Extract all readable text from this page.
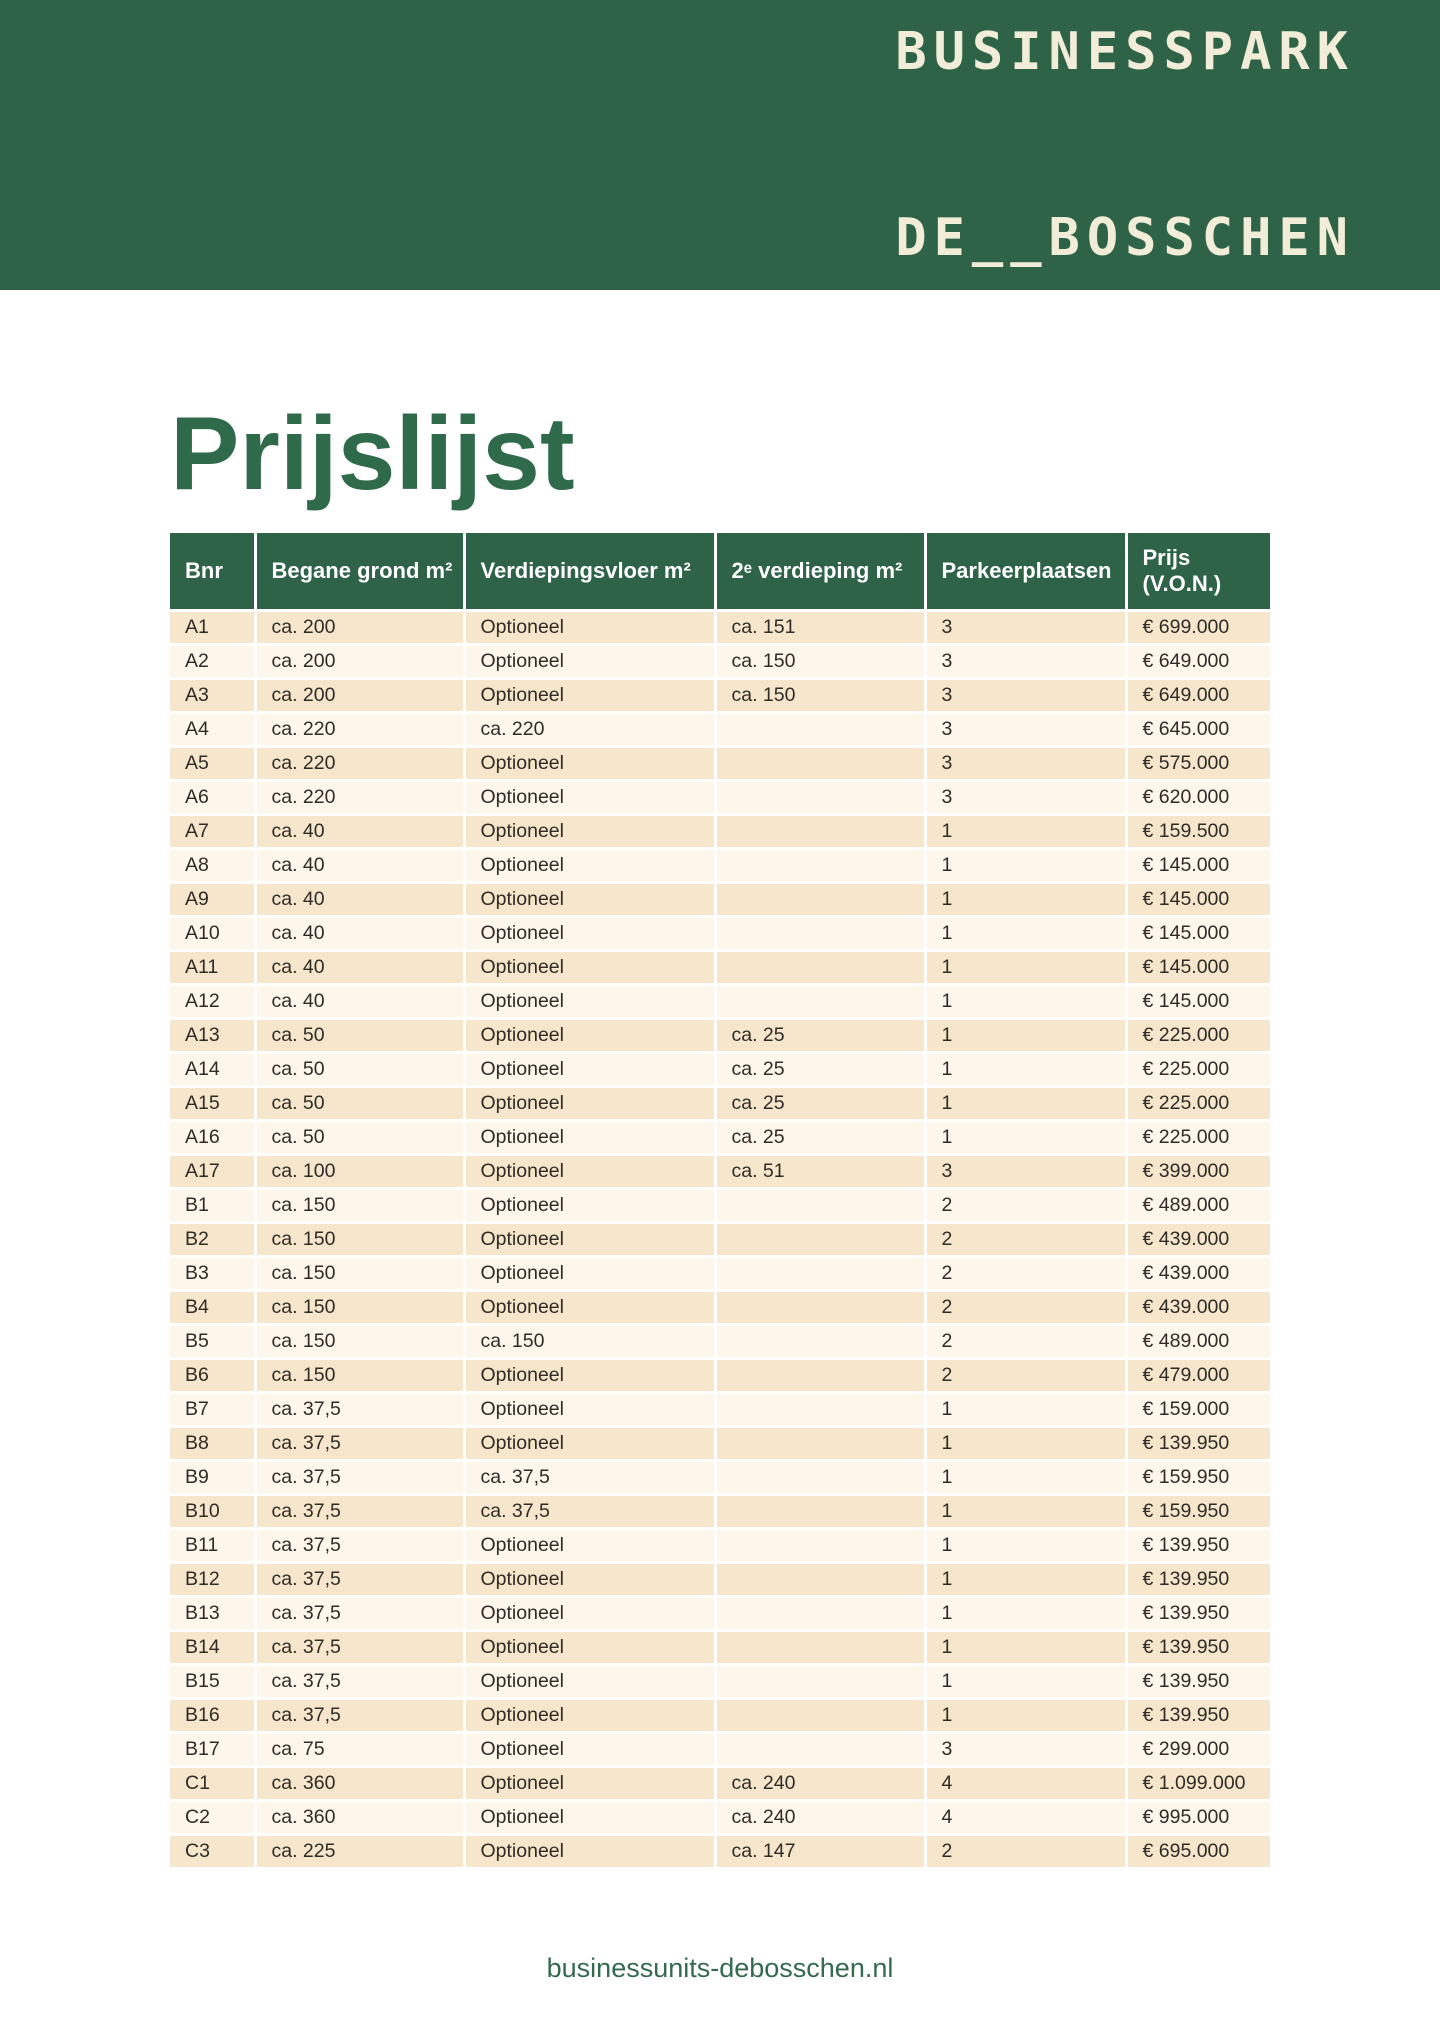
BUSINESSPARK

DE__BOSSCHEN

Prijslijst
Bnr	Begane grond m²	Verdiepingsvloer m²	2ᵉ verdieping m²	Parkeerplaatsen	Prijs (V.O.N.)
A1	ca. 200	Optioneel	ca. 151	3	€ 699.000
A2	ca. 200	Optioneel	ca. 150	3	€ 649.000
A3	ca. 200	Optioneel	ca. 150	3	€ 649.000
A4	ca. 220	ca. 220		3	€ 645.000
A5	ca. 220	Optioneel		3	€ 575.000
A6	ca. 220	Optioneel		3	€ 620.000
A7	ca. 40	Optioneel		1	€ 159.500
A8	ca. 40	Optioneel		1	€ 145.000
A9	ca. 40	Optioneel		1	€ 145.000
A10	ca. 40	Optioneel		1	€ 145.000
A11	ca. 40	Optioneel		1	€ 145.000
A12	ca. 40	Optioneel		1	€ 145.000
A13	ca. 50	Optioneel	ca. 25	1	€ 225.000
A14	ca. 50	Optioneel	ca. 25	1	€ 225.000
A15	ca. 50	Optioneel	ca. 25	1	€ 225.000
A16	ca. 50	Optioneel	ca. 25	1	€ 225.000
A17	ca. 100	Optioneel	ca. 51	3	€ 399.000
B1	ca. 150	Optioneel		2	€ 489.000
B2	ca. 150	Optioneel		2	€ 439.000
B3	ca. 150	Optioneel		2	€ 439.000
B4	ca. 150	Optioneel		2	€ 439.000
B5	ca. 150	ca. 150		2	€ 489.000
B6	ca. 150	Optioneel		2	€ 479.000
B7	ca. 37,5	Optioneel		1	€ 159.000
B8	ca. 37,5	Optioneel		1	€ 139.950
B9	ca. 37,5	ca. 37,5		1	€ 159.950
B10	ca. 37,5	ca. 37,5		1	€ 159.950
B11	ca. 37,5	Optioneel		1	€ 139.950
B12	ca. 37,5	Optioneel		1	€ 139.950
B13	ca. 37,5	Optioneel		1	€ 139.950
B14	ca. 37,5	Optioneel		1	€ 139.950
B15	ca. 37,5	Optioneel		1	€ 139.950
B16	ca. 37,5	Optioneel		1	€ 139.950
B17	ca. 75	Optioneel		3	€ 299.000
C1	ca. 360	Optioneel	ca. 240	4	€ 1.099.000
C2	ca. 360	Optioneel	ca. 240	4	€ 995.000
C3	ca. 225	Optioneel	ca. 147	2	€ 695.000
businessunits-debosschen.nl
